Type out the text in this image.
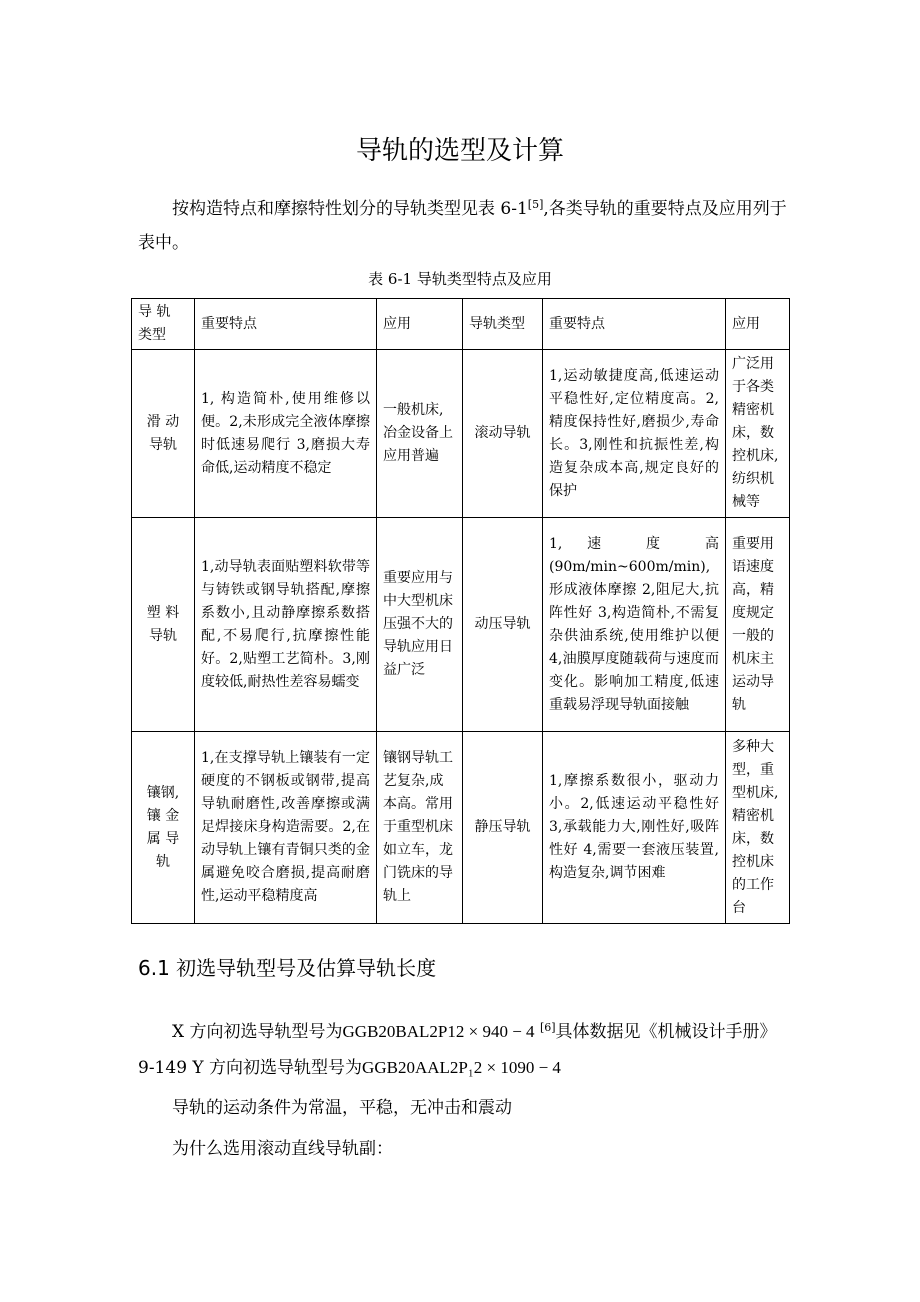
导轨的选型及计算

按构造特点和摩擦特性划分的导轨类型见表 6-1[5],各类导轨的重要特点及应用列于表中。

表 6-1 导轨类型特点及应用
导 轨 类型	重要特点	应用	导轨类型	重要特点	应用
滑 动 导轨	1, 构造简朴,使用维修以便。2,未形成完全液体摩擦时低速易爬行 3,磨损大寿命低,运动精度不稳定	一般机床,冶金设备上应用普遍	滚动导轨	1,运动敏捷度高,低速运动平稳性好,定位精度高。2,精度保持性好,磨损少,寿命长。3,刚性和抗振性差,构造复杂成本高,规定良好的保护	广泛用于各类精密机床，数控机床,纺织机械等
塑 料 导轨	1,动导轨表面贴塑料软带等与铸铁或钢导轨搭配,摩擦系数小,且动静摩擦系数搭配,不易爬行,抗摩擦性能好。2,贴塑工艺简朴。3,刚度较低,耐热性差容易蠕变	重要应用与中大型机床压强不大的导轨应用日益广泛	动压导轨	1, 速 度 高 (90m/min~600m/min),形成液体摩擦 2,阻尼大,抗阵性好 3,构造简朴,不需复杂供油系统,使用维护以便 4,油膜厚度随载荷与速度而变化。影响加工精度,低速重载易浮现导轨面接触	重要用语速度高，精度规定一般的机床主运动导轨
镶钢, 镶 金 属 导 轨	1,在支撑导轨上镶装有一定硬度的不钢板或钢带,提高导轨耐磨性,改善摩擦或满足焊接床身构造需要。2,在动导轨上镶有青铜只类的金属避免咬合磨损,提高耐磨性,运动平稳精度高	镶钢导轨工艺复杂,成本高。常用于重型机床如立车，龙门铣床的导轨上	静压导轨	1,摩擦系数很小，驱动力小。2,低速运动平稳性好 3,承载能力大,刚性好,吸阵性好 4,需要一套液压装置,构造复杂,调节困难	多种大型，重型机床,精密机床，数控机床的工作台
6.1 初选导轨型号及估算导轨长度

X 方向初选导轨型号为GGB20BAL2P12 × 940 − 4 [6]具体数据见《机械设计手册》9-149 Y 方向初选导轨型号为GGB20AAL2P₁2 × 1090 − 4

导轨的运动条件为常温，平稳，无冲击和震动

为什么选用滚动直线导轨副：
